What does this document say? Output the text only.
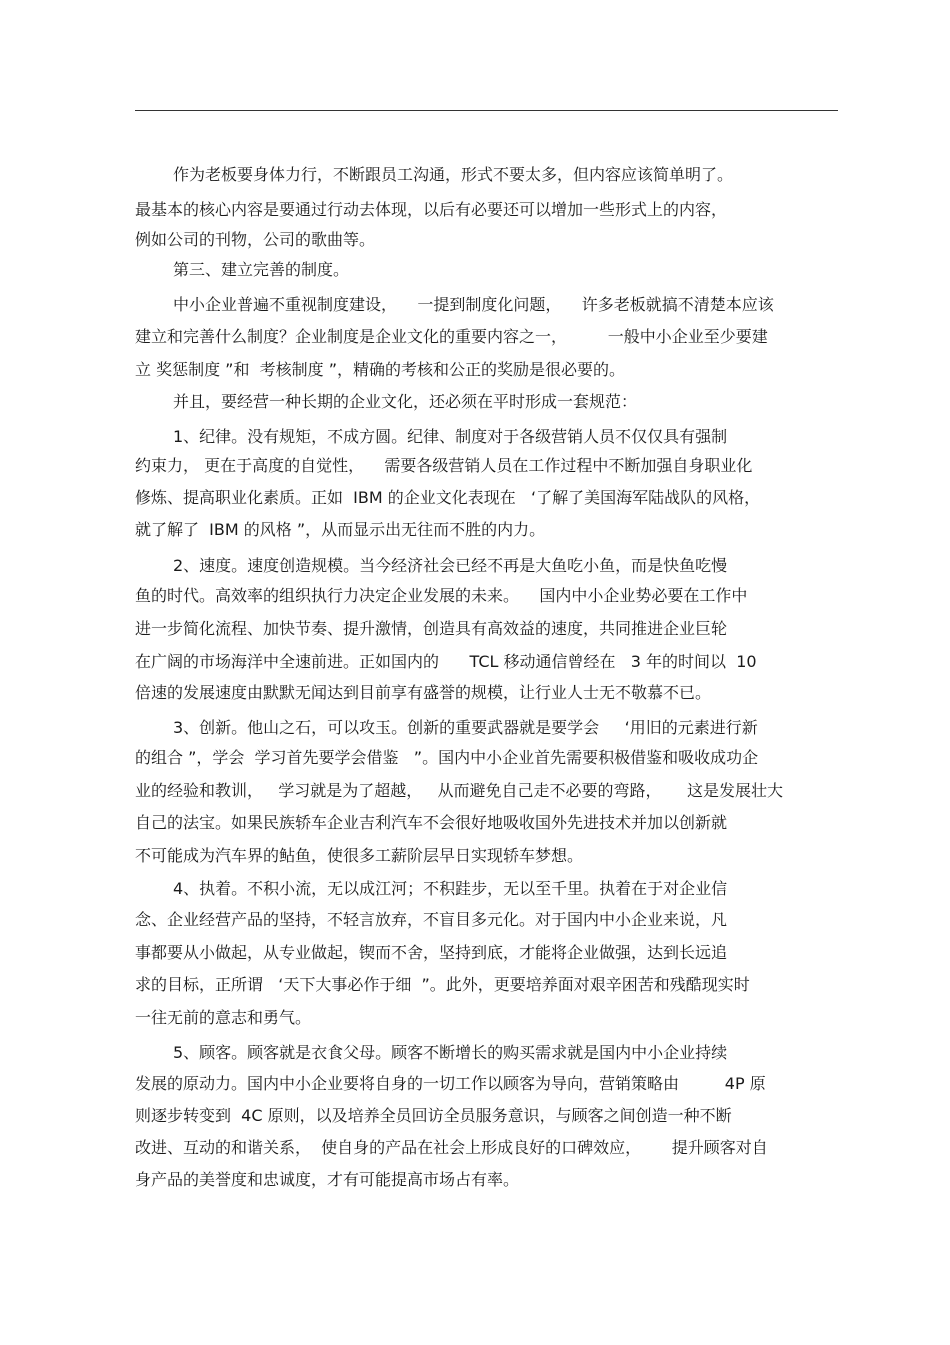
作为老板要身体力行，不断跟员工沟通，形式不要太多，但内容应该简单明了。
最基本的核心内容是要通过行动去体现，以后有必要还可以增加一些形式上的内容，
例如公司的刊物，公司的歌曲等。
第三、建立完善的制度。
中小企业普遍不重视制度建设，    一提到制度化问题，    许多老板就搞不清楚本应该
建立和完善什么制度？企业制度是企业文化的重要内容之一，        一般中小企业至少要建
立 奖惩制度 ”和  考核制度 ”，精确的考核和公正的奖励是很必要的。
并且，要经营一种长期的企业文化，还必须在平时形成一套规范：
1、纪律。没有规矩，不成方圆。纪律、制度对于各级营销人员不仅仅具有强制
约束力， 更在于高度的自觉性，    需要各级营销人员在工作过程中不断加强自身职业化
修炼、提高职业化素质。正如  IBM 的企业文化表现在   ‘了解了美国海军陆战队的风格，
就了解了  IBM 的风格 ”，从而显示出无往而不胜的内力。
2、速度。速度创造规模。当今经济社会已经不再是大鱼吃小鱼，而是快鱼吃慢
鱼的时代。高效率的组织执行力决定企业发展的未来。    国内中小企业势必要在工作中
进一步简化流程、加快节奏、提升激情，创造具有高效益的速度，共同推进企业巨轮
在广阔的市场海洋中全速前进。正如国内的      TCL 移动通信曾经在   3 年的时间以  10
倍速的发展速度由默默无闻达到目前享有盛誉的规模，让行业人士无不敬慕不已。
3、创新。他山之石，可以攻玉。创新的重要武器就是要学会     ‘用旧的元素进行新
的组合 ”，学会  学习首先要学会借鉴   ”。国内中小企业首先需要积极借鉴和吸收成功企
业的经验和教训，   学习就是为了超越，   从而避免自己走不必要的弯路，     这是发展壮大
自己的法宝。如果民族轿车企业吉利汽车不会很好地吸收国外先进技术并加以创新就
不可能成为汽车界的鲇鱼，使很多工薪阶层早日实现轿车梦想。
4、执着。不积小流，无以成江河；不积跬步，无以至千里。执着在于对企业信
念、企业经营产品的坚持，不轻言放弃，不盲目多元化。对于国内中小企业来说，凡
事都要从小做起，从专业做起，锲而不舍，坚持到底，才能将企业做强，达到长远追
求的目标，正所谓   ‘天下大事必作于细  ”。此外，更要培养面对艰辛困苦和残酷现实时
一往无前的意志和勇气。
5、顾客。顾客就是衣食父母。顾客不断增长的购买需求就是国内中小企业持续
发展的原动力。国内中小企业要将自身的一切工作以顾客为导向，营销策略由         4P 原
则逐步转变到  4C 原则，以及培养全员回访全员服务意识，与顾客之间创造一种不断
改进、互动的和谐关系，  使自身的产品在社会上形成良好的口碑效应，      提升顾客对自
身产品的美誉度和忠诚度，才有可能提高市场占有率。
